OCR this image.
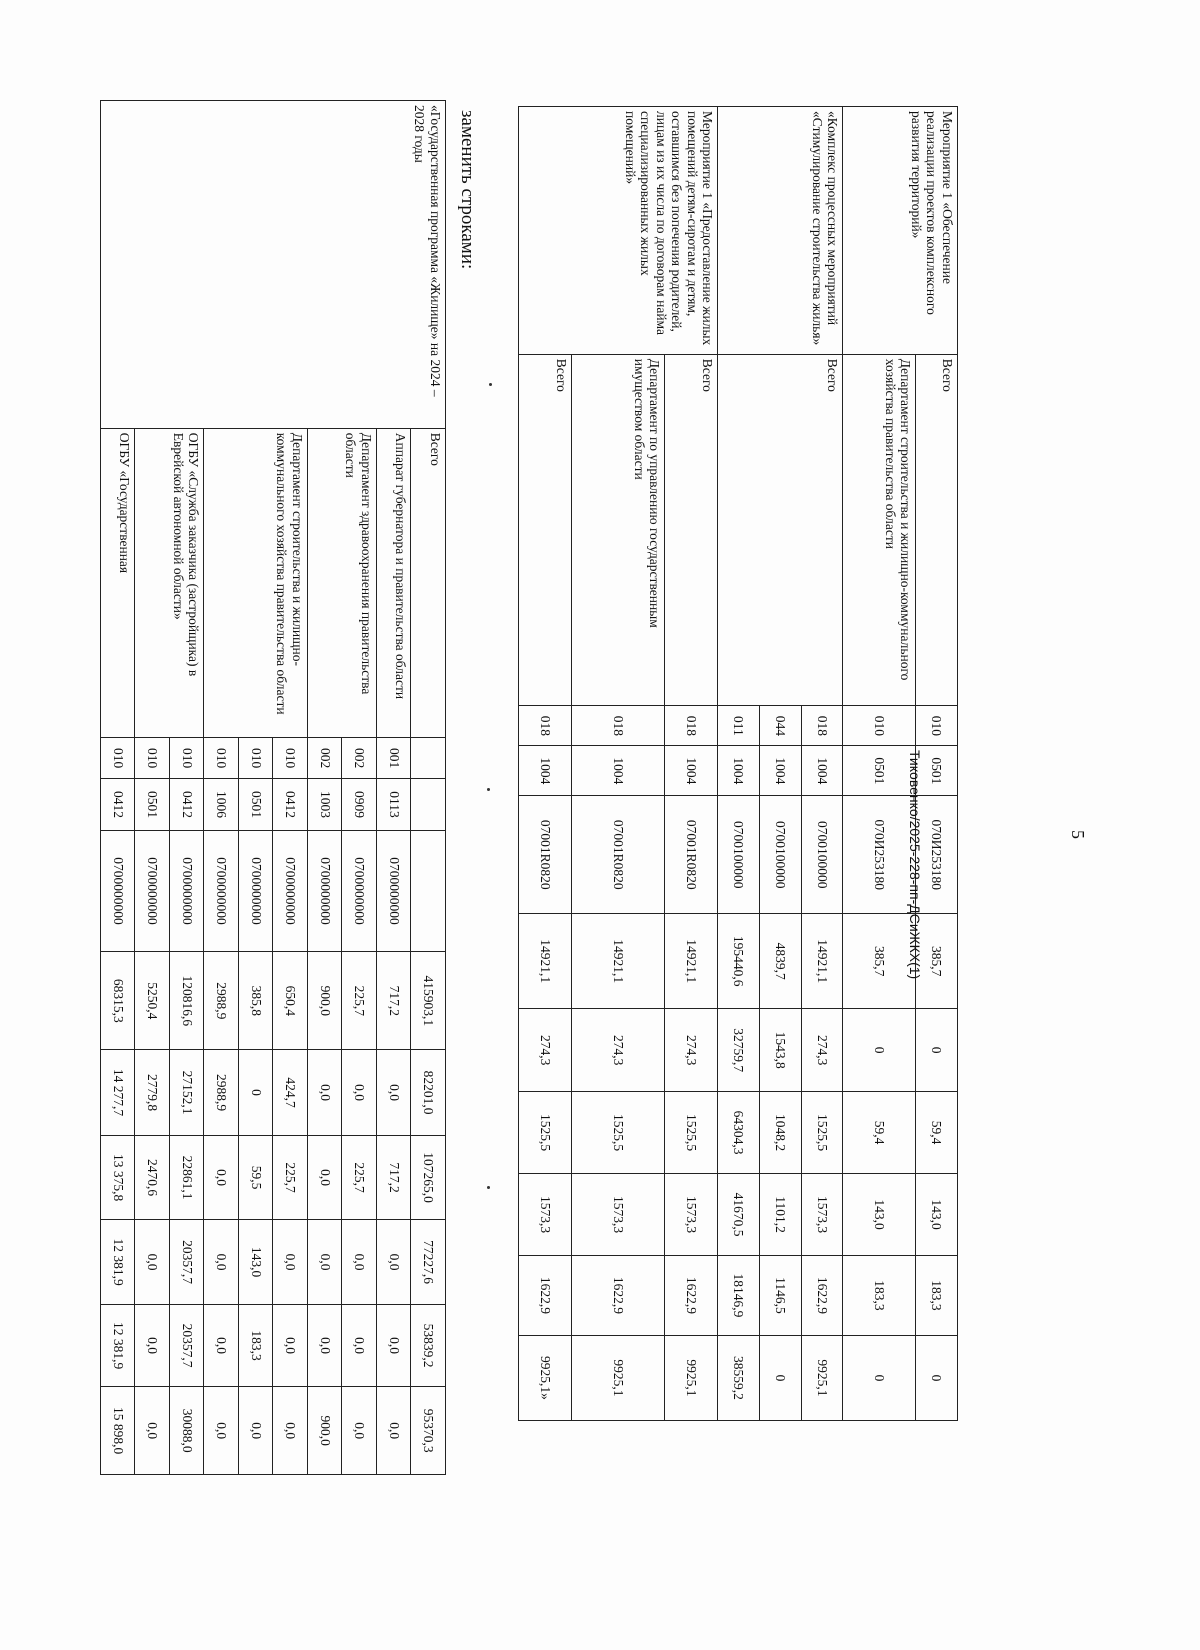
5
Мероприятие 1 «Обеспечение реализации проектов комплексного развития территорий»	Всего	010	0501	070И253180	385,7	0	59,4	143,0	183,3	0
	Департамент строительства и жилищно-коммунального хозяйства правительства области	010	0501	070И253180	385,7	0	59,4	143,0	183,3	0
«Комплекс процессных мероприятий «Стимулирование строительства жилья»	Всего	018	1004	0700100000	14921,1	274,3	1525,5	1573,3	1622,9	9925,1
		044	1004	0700100000	4839,7	1543,8	1048,2	1101,2	1146,5	0
		011	1004	0700100000	195440,6	32759,7	64304,3	41670,5	18146,9	38559,2
Мероприятие 1 «Предоставление жилых помещений детям-сиротам и детям, оставшимся без попечения родителей, лицам из их числа по договорам найма специализированных жилых помещений»	Всего	018	1004	07001R0820	14921,1	274,3	1525,5	1573,3	1622,9	9925,1
	Департамент по управлению государственным имуществом области	018	1004	07001R0820	14921,1	274,3	1525,5	1573,3	1622,9	9925,1
	Всего	018	1004	07001R0820	14921,1	274,3	1525,5	1573,3	1622,9	9925,1»
заменить строками:
«Государственная программа «Жилище» на 2024 – 2028 годы	Всего				415903,1	82201,0	107265,0	77227,6	53839,2	95370,3
	Аппарат губернатора и правительства области	001	0113	0700000000	717,2	0,0	717,2	0,0	0,0	0,0
	Департамент здравоохранения правительства области	002	0909	0700000000	225,7	0,0	225,7	0,0	0,0	0,0
		002	1003	0700000000	900,0	0,0	0,0	0,0	0,0	900,0
	Департамент строительства и жилищно-коммунального хозяйства правительства области	010	0412	0700000000	650,4	424,7	225,7	0,0	0,0	0,0
		010	0501	0700000000	385,8	0	59,5	143,0	183,3	0,0
		010	1006	0700000000	2988,9	2988,9	0,0	0,0	0,0	0,0
	ОГБУ «Служба заказчика (застройщика) в Еврейской автономной области»	010	0412	0700000000	120816,6	27152,1	22861,1	20357,7	20357,7	30088,0
		010	0501	0700000000	5250,4	2779,8	2470,6	0,0	0,0	0,0
	ОГБУ «Государственная	010	0412	0700000000	68315,3	14 277,7	13 375,8	12 381,9	12 381,9	15 898,0
Тиковенко/2025-228-пп-ДСиЖКХ(1)
